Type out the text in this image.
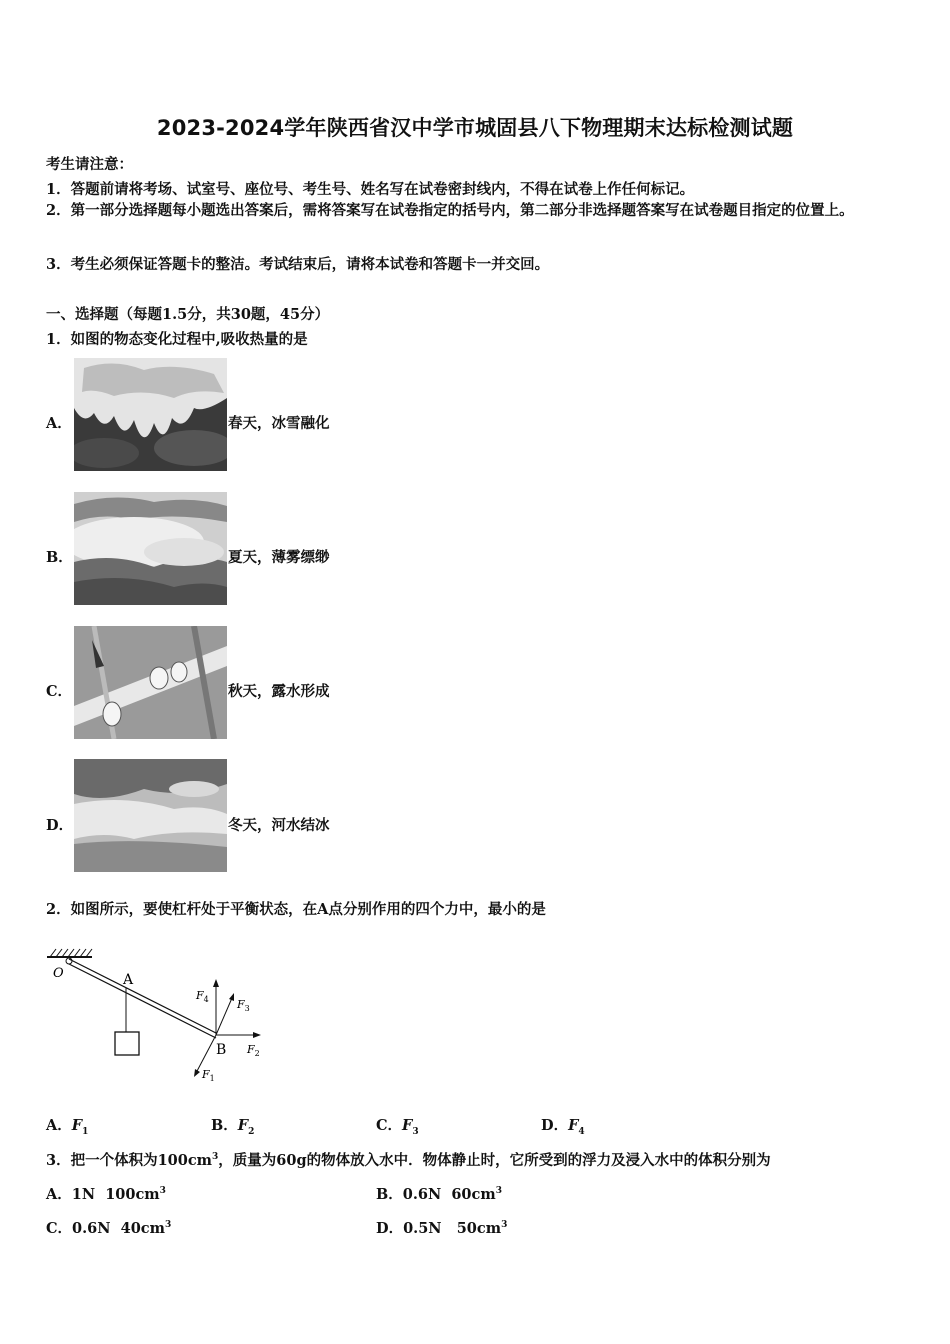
2023-2024学年陕西省汉中学市城固县八下物理期末达标检测试题
考生请注意：
1．答题前请将考场、试室号、座位号、考生号、姓名写在试卷密封线内，不得在试卷上作任何标记。
2．第一部分选择题每小题选出答案后，需将答案写在试卷指定的括号内，第二部分非选择题答案写在试卷题目指定的位置上。
3．考生必须保证答题卡的整洁。考试结束后，请将本试卷和答题卡一并交回。
一、选择题（每题1.5分，共30题，45分）
1．如图的物态变化过程中,吸收热量的是
A．	春天，冰雪融化
B．	夏天，薄雾缥缈
C．	秋天，露水形成
D．	冬天，河水结冰
2．如图所示，要使杠杆处于平衡状态，在A点分别作用的四个力中，最小的是
O	A
B
$F_4$	$F_3$
$F_2$
$F_1$
A．$F_1$	B．$F_2$	C．$F_3$	D．$F_4$
3．把一个体积为$100cm^3$，质量为60g的物体放入水中．物体静止时，它所受到的浮力及浸入水中的体积分别为
A．1N  $100cm^3$	B．0.6N  $60cm^3$
C．0.6N  $40cm^3$	D．0.5N   $50cm^3$
